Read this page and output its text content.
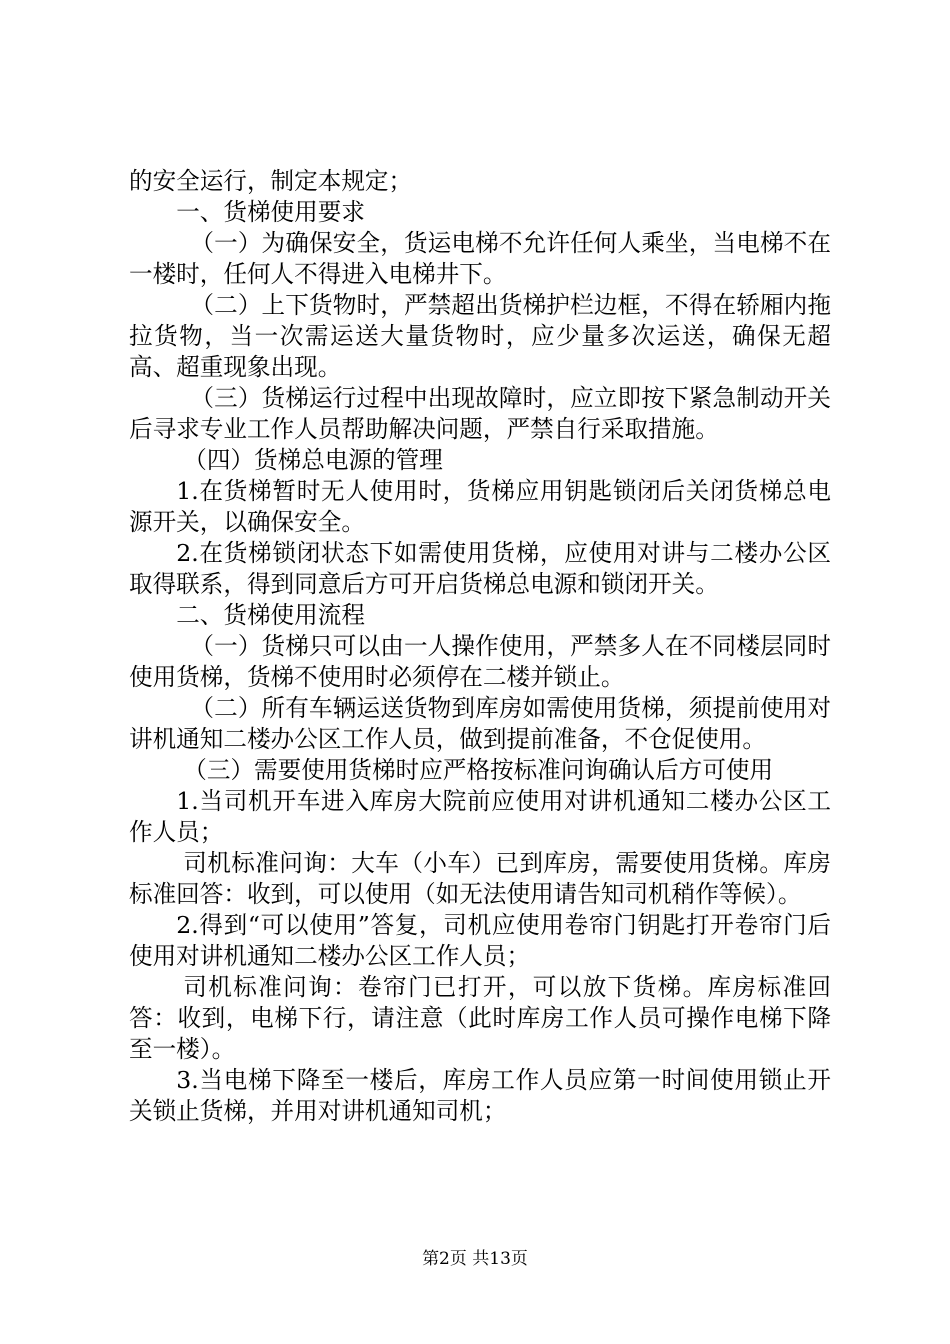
的安全运行，制定本规定；

一、货梯使用要求

（一）为确保安全，货运电梯不允许任何人乘坐，当电梯不在一楼时，任何人不得进入电梯井下。

（二）上下货物时，严禁超出货梯护栏边框，不得在轿厢内拖拉货物，当一次需运送大量货物时，应少量多次运送，确保无超高、超重现象出现。

（三）货梯运行过程中出现故障时，应立即按下紧急制动开关后寻求专业工作人员帮助解决问题，严禁自行采取措施。

（四）货梯总电源的管理

1.在货梯暂时无人使用时，货梯应用钥匙锁闭后关闭货梯总电源开关，以确保安全。

2.在货梯锁闭状态下如需使用货梯，应使用对讲与二楼办公区取得联系，得到同意后方可开启货梯总电源和锁闭开关。

二、货梯使用流程

（一）货梯只可以由一人操作使用，严禁多人在不同楼层同时使用货梯，货梯不使用时必须停在二楼并锁止。

（二）所有车辆运送货物到库房如需使用货梯，须提前使用对讲机通知二楼办公区工作人员，做到提前准备，不仓促使用。

（三）需要使用货梯时应严格按标准问询确认后方可使用

1.当司机开车进入库房大院前应使用对讲机通知二楼办公区工作人员；

司机标准问询：大车（小车）已到库房，需要使用货梯。库房标准回答：收到，可以使用（如无法使用请告知司机稍作等候）。

2.得到“可以使用”答复，司机应使用卷帘门钥匙打开卷帘门后使用对讲机通知二楼办公区工作人员；

司机标准问询：卷帘门已打开，可以放下货梯。库房标准回答：收到，电梯下行，请注意（此时库房工作人员可操作电梯下降至一楼）。

3.当电梯下降至一楼后，库房工作人员应第一时间使用锁止开关锁止货梯，并用对讲机通知司机；

第2页 共13页
